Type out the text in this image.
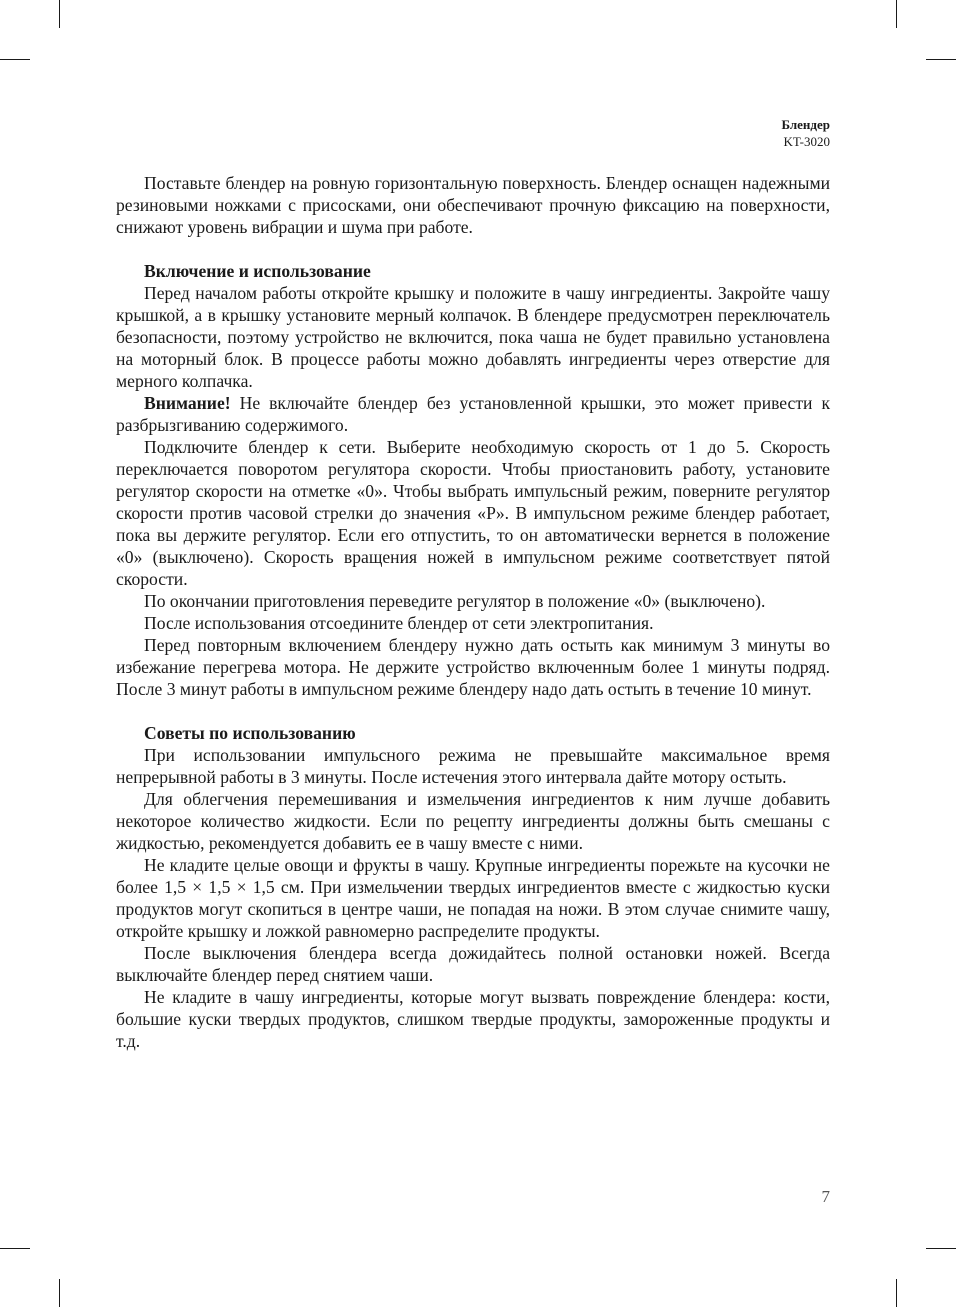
Блендер
KT-3020

Поставьте блендер на ровную горизонтальную поверхность. Блендер оснащен надежными резиновыми ножками с присосками, они обеспечивают прочную фиксацию на поверхности, снижают уровень вибрации и шума при работе.

Включение и использование

Перед началом работы откройте крышку и положите в чашу ингредиенты. Закройте чашу крышкой, а в крышку установите мерный колпачок. В блендере предусмотрен переключатель безопасности, поэтому устройство не включится, пока чаша не будет правильно установлена на моторный блок. В процессе работы можно добавлять ингредиенты через отверстие для мерного колпачка.

Внимание! Не включайте блендер без установленной крышки, это может привести к разбрызгиванию содержимого.

Подключите блендер к сети. Выберите необходимую скорость от 1 до 5. Скорость переключается поворотом регулятора скорости. Чтобы приостановить работу, установите регулятор скорости на отметке «0». Чтобы выбрать импульсный режим, поверните регулятор скорости против часовой стрелки до значения «P». В импульсном режиме блендер работает, пока вы держите регулятор. Если его отпустить, то он автоматически вернется в положение «0» (выключено). Скорость вращения ножей в импульсном режиме соответствует пятой скорости.

По окончании приготовления переведите регулятор в положение «0» (выключено).

После использования отсоедините блендер от сети электропитания.

Перед повторным включением блендеру нужно дать остыть как минимум 3 минуты во избежание перегрева мотора. Не держите устройство включенным более 1 минуты подряд. После 3 минут работы в импульсном режиме блендеру надо дать остыть в течение 10 минут.

Советы по использованию

При использовании импульсного режима не превышайте максимальное время непрерывной работы в 3 минуты. После истечения этого интервала дайте мотору остыть.

Для облегчения перемешивания и измельчения ингредиентов к ним лучше добавить некоторое количество жидкости. Если по рецепту ингредиенты должны быть смешаны с жидкостью, рекомендуется добавить ее в чашу вместе с ними.

Не кладите целые овощи и фрукты в чашу. Крупные ингредиенты порежьте на кусочки не более 1,5 × 1,5 × 1,5 см. При измельчении твердых ингредиентов вместе с жидкостью куски продуктов могут скопиться в центре чаши, не попадая на ножи. В этом случае снимите чашу, откройте крышку и ложкой равномерно распределите продукты.

После выключения блендера всегда дожидайтесь полной остановки ножей. Всегда выключайте блендер перед снятием чаши.

Не кладите в чашу ингредиенты, которые могут вызвать повреждение блендера: кости, большие куски твердых продуктов, слишком твердые продукты, замороженные продукты и т.д.

7
